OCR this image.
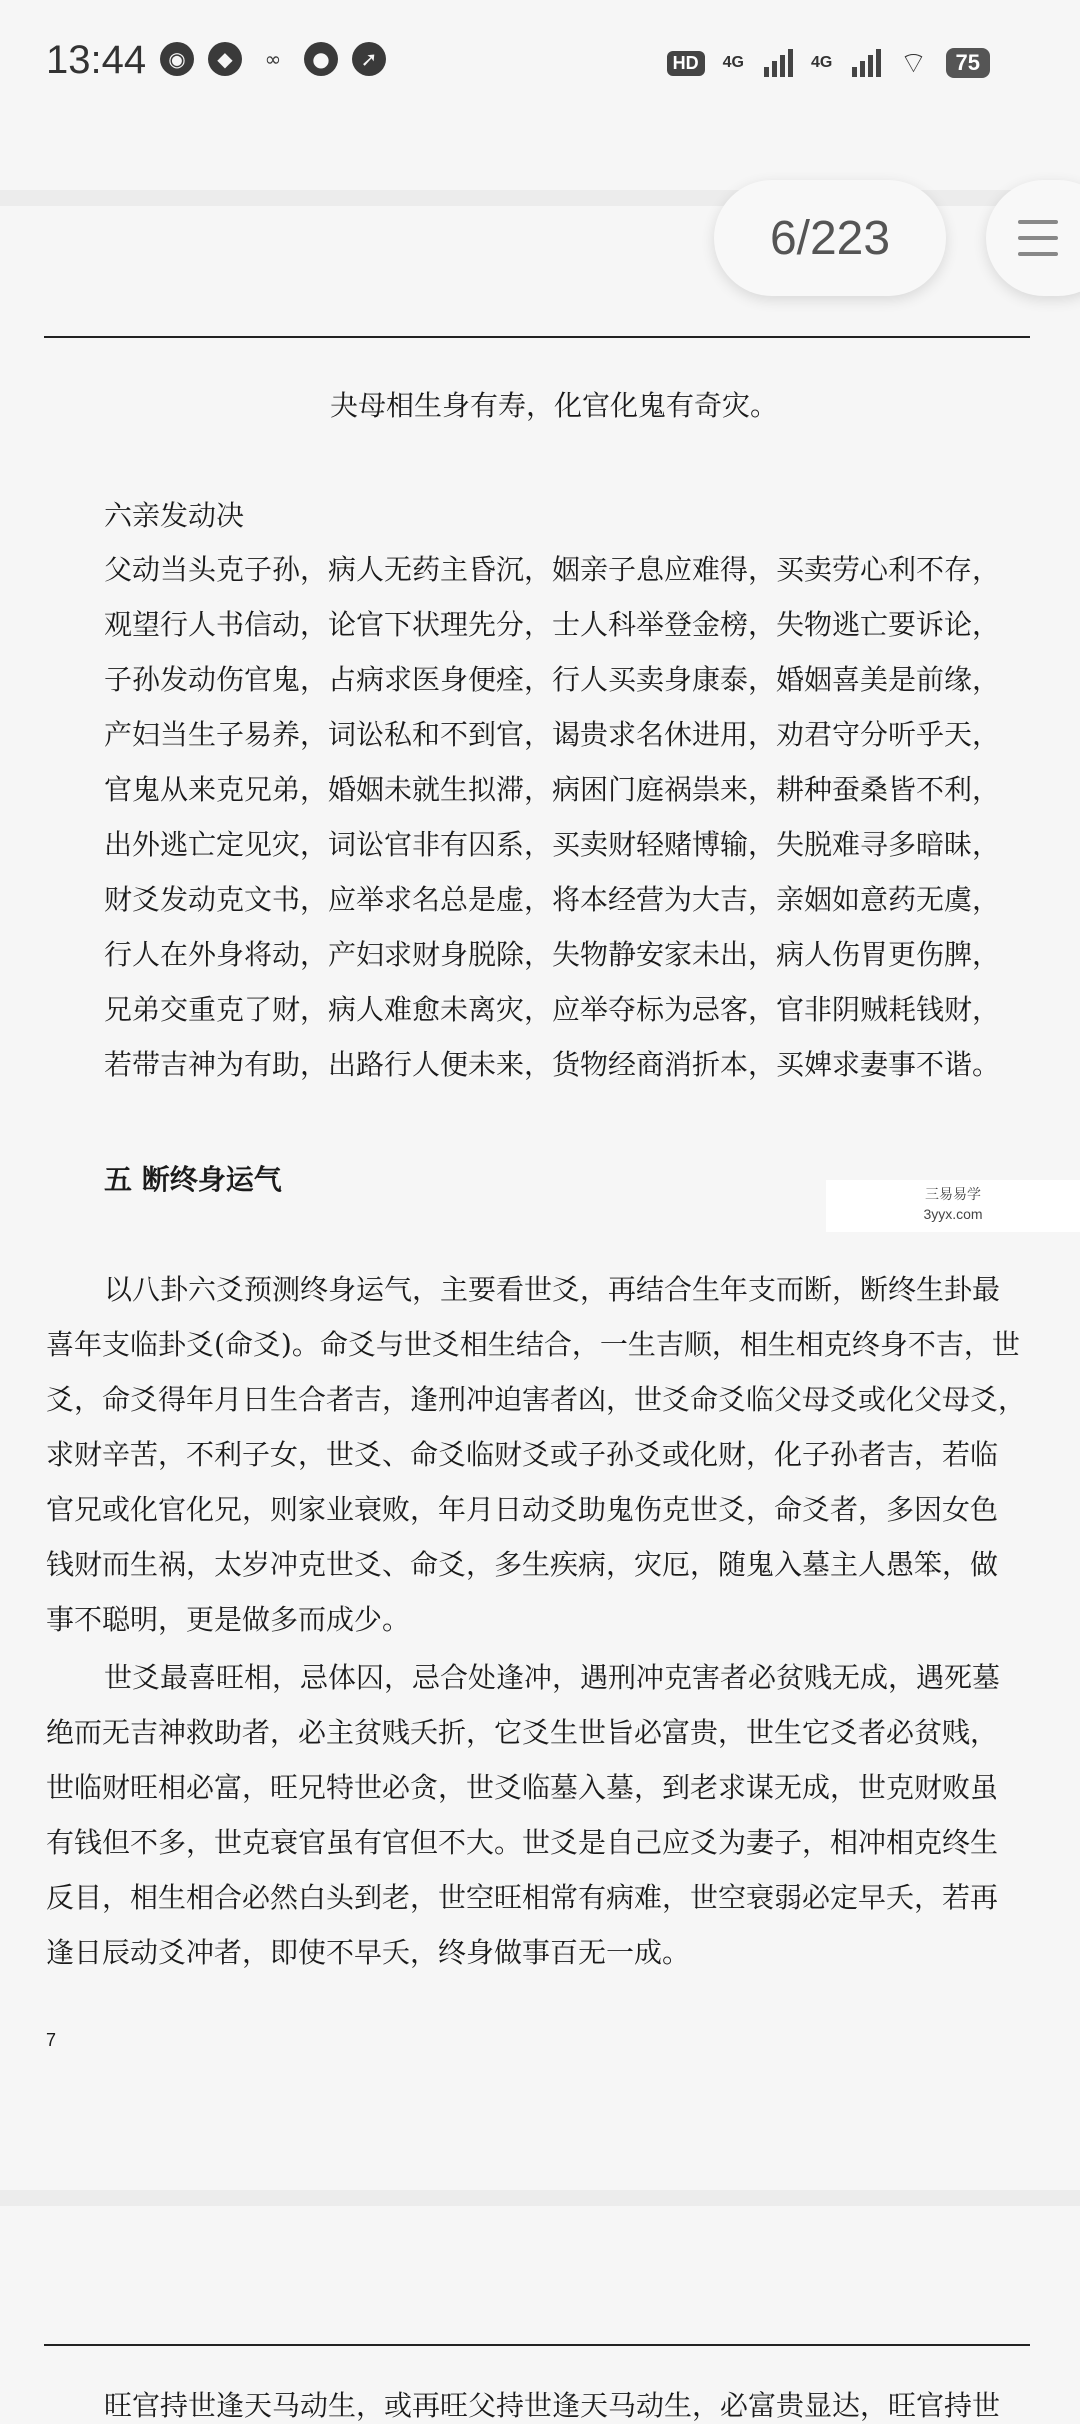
13:44	◉	◆	∞	●	➚	HD	4G	4G ⌔	75
6/223
夬母相生身有寿，化官化鬼有奇灾。
六亲发动决
父动当头克子孙，病人无药主昏沉，姻亲子息应难得，买卖劳心利不存，
观望行人书信动，论官下状理先分，士人科举登金榜，失物逃亡要诉论，
子孙发动伤官鬼，占病求医身便痊，行人买卖身康泰，婚姻喜美是前缘，
产妇当生子易养，词讼私和不到官，谒贵求名休进用，劝君守分听乎天，
官鬼从来克兄弟，婚姻未就生拟滞，病困门庭祸祟来，耕种蚕桑皆不利，
出外逃亡定见灾，词讼官非有囚系，买卖财轻赌博输，失脱难寻多暗昧，
财爻发动克文书，应举求名总是虚，将本经营为大吉，亲姻如意药无虞，
行人在外身将动，产妇求财身脱除，失物静安家未出，病人伤胃更伤脾，
兄弟交重克了财，病人难愈未离灾，应举夺标为忌客，官非阴贼耗钱财，
若带吉神为有助，出路行人便未来，货物经商消折本，买婢求妻事不谐。
五 断终身运气	三易易学
3yyx.com
以八卦六爻预测终身运气，主要看世爻，再结合生年支而断，断终生卦最
喜年支临卦爻(命爻)。命爻与世爻相生结合，一生吉顺，相生相克终身不吉，世
爻，命爻得年月日生合者吉，逢刑冲迫害者凶，世爻命爻临父母爻或化父母爻，
求财辛苦，不利子女，世爻、命爻临财爻或子孙爻或化财，化子孙者吉，若临
官兄或化官化兄，则家业衰败，年月日动爻助鬼伤克世爻，命爻者，多因女色
钱财而生祸，太岁冲克世爻、命爻，多生疾病，灾厄，随鬼入墓主人愚笨，做
事不聪明，更是做多而成少。
世爻最喜旺相，忌体囚，忌合处逢冲，遇刑冲克害者必贫贱无成，遇死墓
绝而无吉神救助者，必主贫贱夭折，它爻生世旨必富贵，世生它爻者必贫贱，
世临财旺相必富，旺兄特世必贪，世爻临墓入墓，到老求谋无成，世克财败虽
有钱但不多，世克衰官虽有官但不大。世爻是自己应爻为妻子，相冲相克终生
反目，相生相合必然白头到老，世空旺相常有病难，世空衰弱必定早夭，若再
逢日辰动爻冲者，即使不早夭，终身做事百无一成。
7
旺官持世逢天马动生，或再旺父持世逢天马动生，必富贵显达，旺官持世
